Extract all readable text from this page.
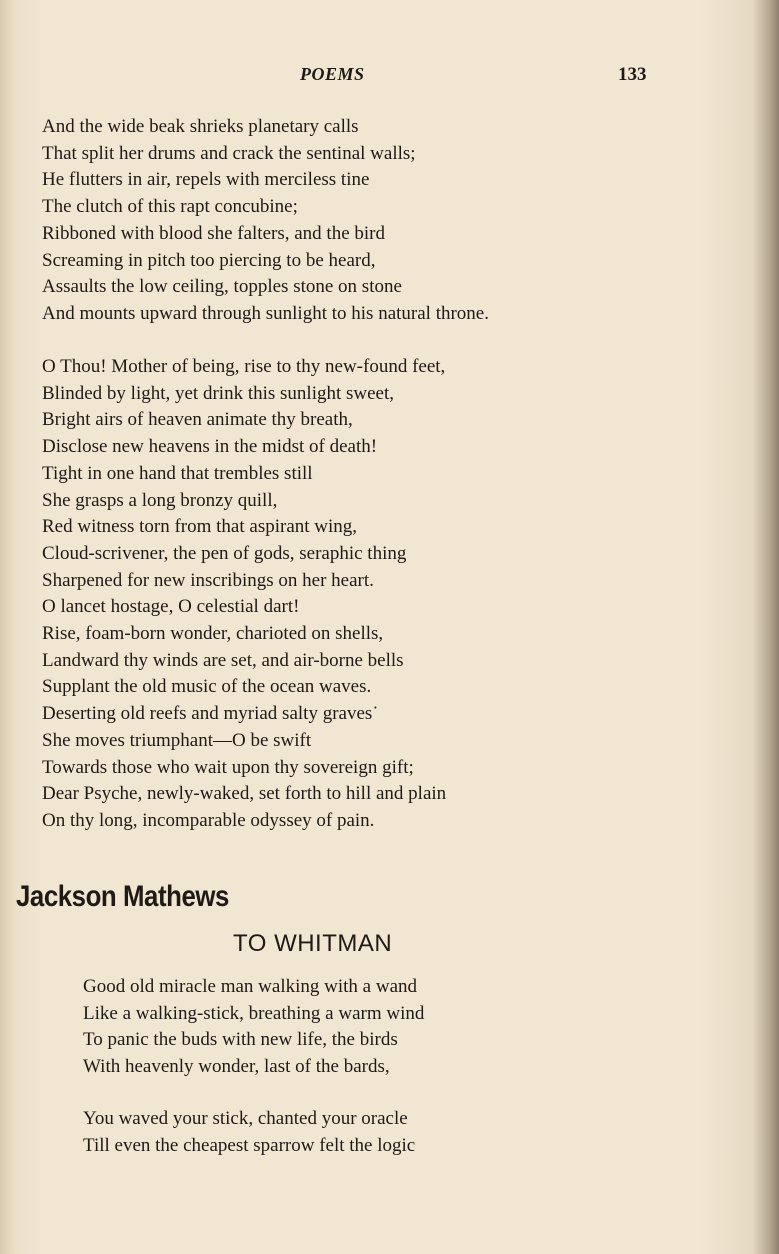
POEMS	133
And the wide beak shrieks planetary calls
That split her drums and crack the sentinal walls;
He flutters in air, repels with merciless tine
The clutch of this rapt concubine;
Ribboned with blood she falters, and the bird
Screaming in pitch too piercing to be heard,
Assaults the low ceiling, topples stone on stone
And mounts upward through sunlight to his natural throne.
O Thou! Mother of being, rise to thy new-found feet,
Blinded by light, yet drink this sunlight sweet,
Bright airs of heaven animate thy breath,
Disclose new heavens in the midst of death!
Tight in one hand that trembles still
She grasps a long bronzy quill,
Red witness torn from that aspirant wing,
Cloud-scrivener, the pen of gods, seraphic thing
Sharpened for new inscribings on her heart.
O lancet hostage, O celestial dart!
Rise, foam-born wonder, charioted on shells,
Landward thy winds are set, and air-borne bells
Supplant the old music of the ocean waves.
Deserting old reefs and myriad salty graves˙
She moves triumphant—O be swift
Towards those who wait upon thy sovereign gift;
Dear Psyche, newly-waked, set forth to hill and plain
On thy long, incomparable odyssey of pain.
Jackson Mathews
TO WHITMAN
Good old miracle man walking with a wand
Like a walking-stick, breathing a warm wind
To panic the buds with new life, the birds
With heavenly wonder, last of the bards,
You waved your stick, chanted your oracle
Till even the cheapest sparrow felt the logic
